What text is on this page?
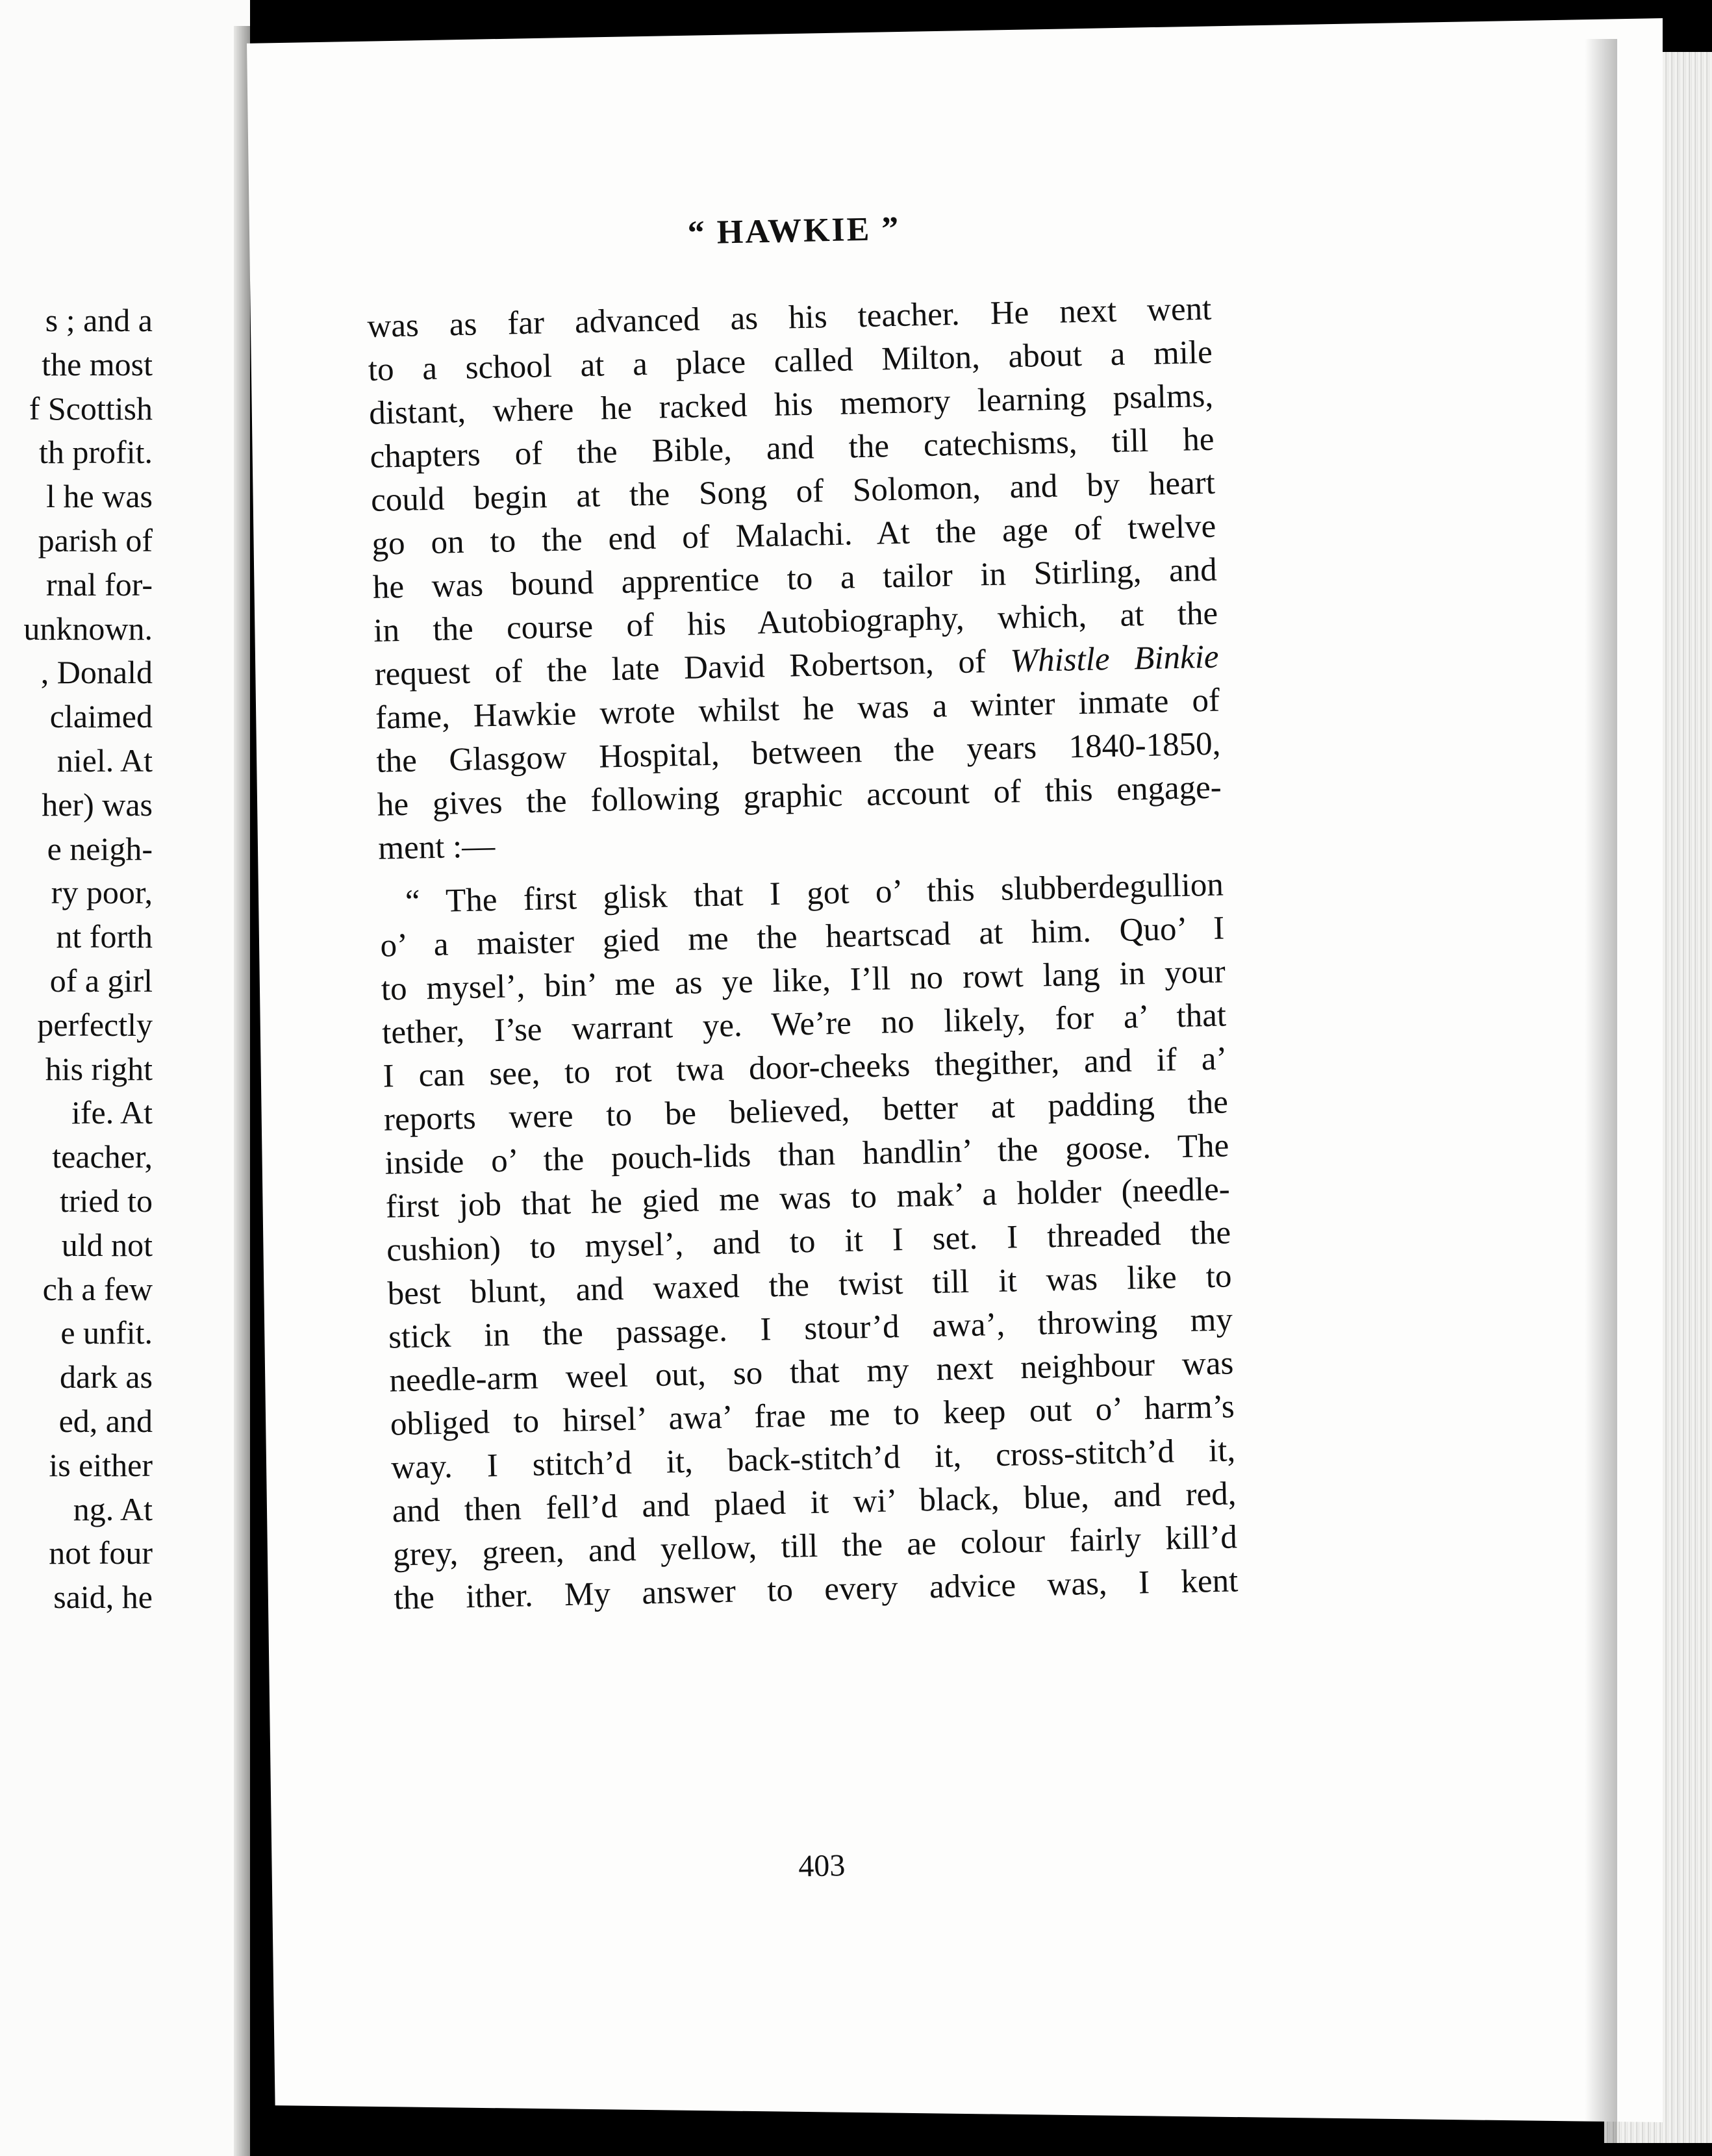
s ; and a
the most
f Scottish
th profit.
l he was
parish of
rnal for-
unknown.
, Donald
claimed
niel. At
her) was
e neigh-
ry poor,
nt forth
of a girl
perfectly
his right
ife. At
teacher,
tried to
uld not
ch a few
e unfit.
dark as
ed, and
is either
ng. At
not four
said, he
“ HAWKIE ”
was as far advanced as his teacher. He next went
to a school at a place called Milton, about a mile
distant, where he racked his memory learning psalms,
chapters of the Bible, and the catechisms, till he
could begin at the Song of Solomon, and by heart
go on to the end of Malachi. At the age of twelve
he was bound apprentice to a tailor in Stirling, and
in the course of his Autobiography, which, at the
request of the late David Robertson, of Whistle Binkie
fame, Hawkie wrote whilst he was a winter inmate of
the Glasgow Hospital, between the years 1840-1850,
he gives the following graphic account of this engage-
ment :—
“ The first glisk that I got o’ this slubberdegullion
o’ a maister gied me the heartscad at him. Quo’ I
to mysel’, bin’ me as ye like, I’ll no rowt lang in your
tether, I’se warrant ye. We’re no likely, for a’ that
I can see, to rot twa door-cheeks thegither, and if a’
reports were to be believed, better at padding the
inside o’ the pouch-lids than handlin’ the goose. The
first job that he gied me was to mak’ a holder (needle-
cushion) to mysel’, and to it I set. I threaded the
best blunt, and waxed the twist till it was like to
stick in the passage. I stour’d awa’, throwing my
needle-arm weel out, so that my next neighbour was
obliged to hirsel’ awa’ frae me to keep out o’ harm’s
way. I stitch’d it, back-stitch’d it, cross-stitch’d it,
and then fell’d and plaed it wi’ black, blue, and red,
grey, green, and yellow, till the ae colour fairly kill’d
the ither. My answer to every advice was, I kent
403
